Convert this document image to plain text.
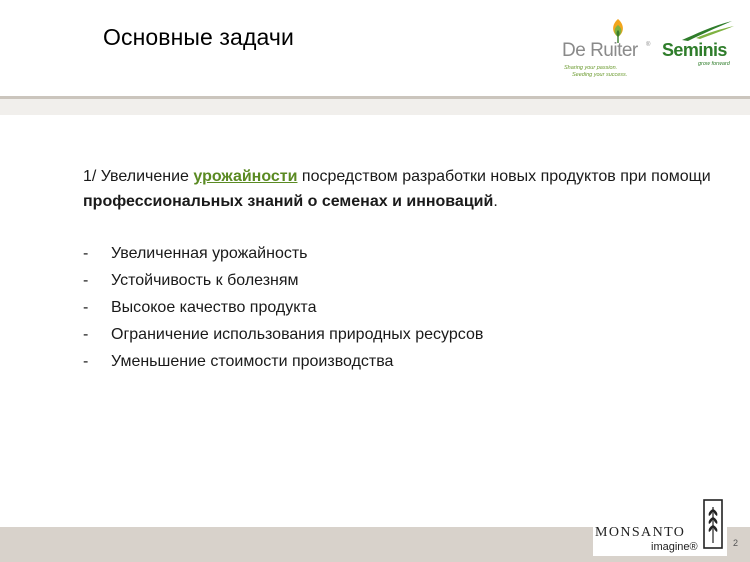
Основные задачи
De Ruiter ®
Sharing your passion.
Seeding your success.
Seminis
grow forward

1/ Увеличение урожайности посредством разработки новых продуктов при помощи профессиональных знаний о семенах и инноваций.

- Увеличенная урожайность
- Устойчивость к болезням
- Высокое качество продукта
- Ограничение использования природных ресурсов
- Уменьшение стоимости производства
MONSANTO
imagine®	2
